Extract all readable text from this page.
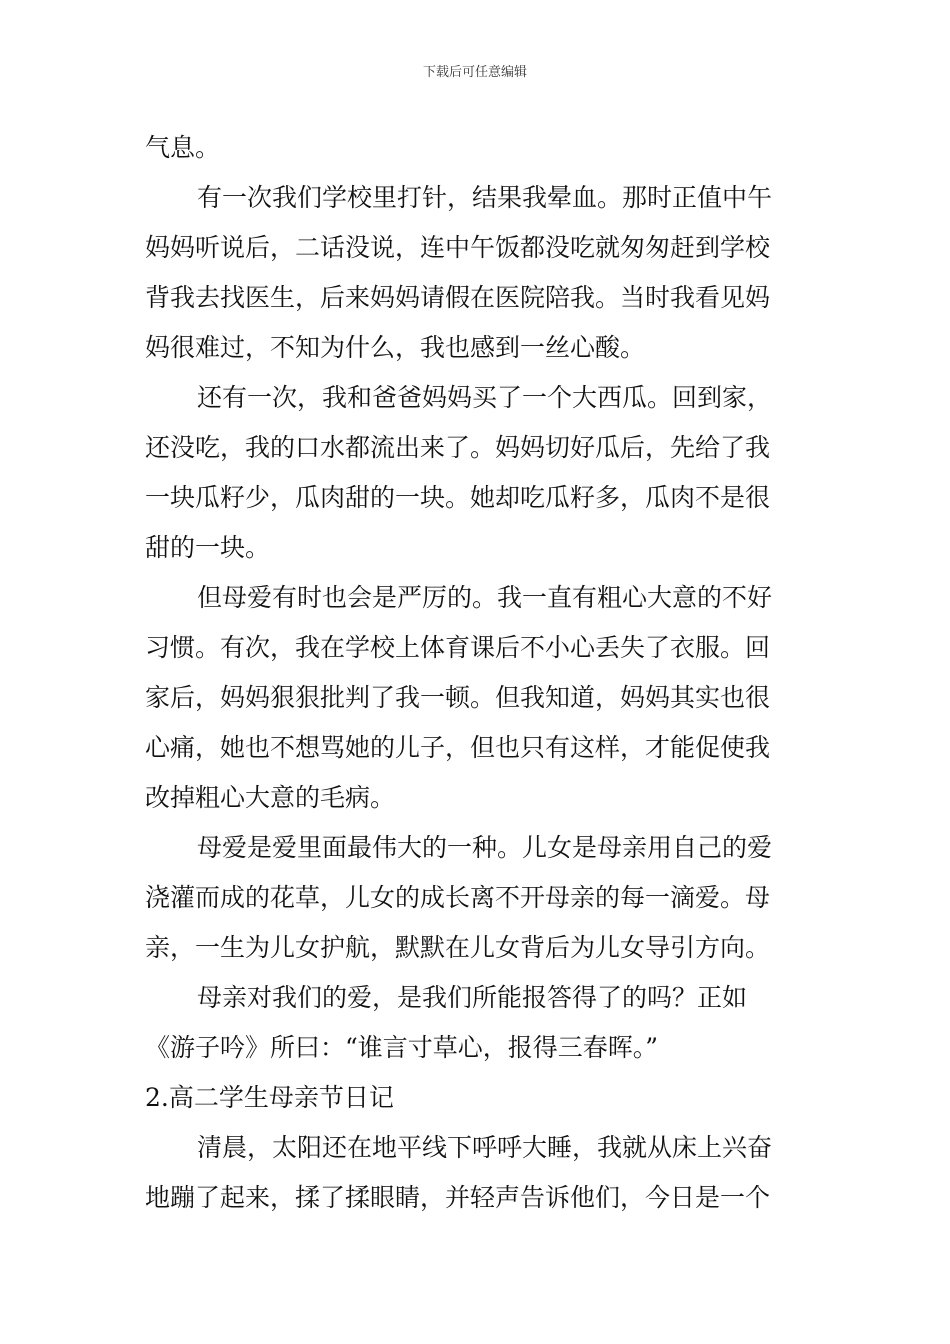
下载后可任意编辑
气息。
有一次我们学校里打针，结果我晕血。那时正值中午
妈妈听说后，二话没说，连中午饭都没吃就匆匆赶到学校
背我去找医生，后来妈妈请假在医院陪我。当时我看见妈
妈很难过，不知为什么，我也感到一丝心酸。
还有一次，我和爸爸妈妈买了一个大西瓜。回到家，
还没吃，我的口水都流出来了。妈妈切好瓜后，先给了我
一块瓜籽少，瓜肉甜的一块。她却吃瓜籽多，瓜肉不是很
甜的一块。
但母爱有时也会是严厉的。我一直有粗心大意的不好
习惯。有次，我在学校上体育课后不小心丢失了衣服。回
家后，妈妈狠狠批判了我一顿。但我知道，妈妈其实也很
心痛，她也不想骂她的儿子，但也只有这样，才能促使我
改掉粗心大意的毛病。
母爱是爱里面最伟大的一种。儿女是母亲用自己的爱
浇灌而成的花草，儿女的成长离不开母亲的每一滴爱。母
亲，一生为儿女护航，默默在儿女背后为儿女导引方向。
母亲对我们的爱，是我们所能报答得了的吗？正如
《游子吟》所曰：“谁言寸草心，报得三春晖。”
2.高二学生母亲节日记
清晨，太阳还在地平线下呼呼大睡，我就从床上兴奋
地蹦了起来，揉了揉眼睛，并轻声告诉他们，今日是一个
